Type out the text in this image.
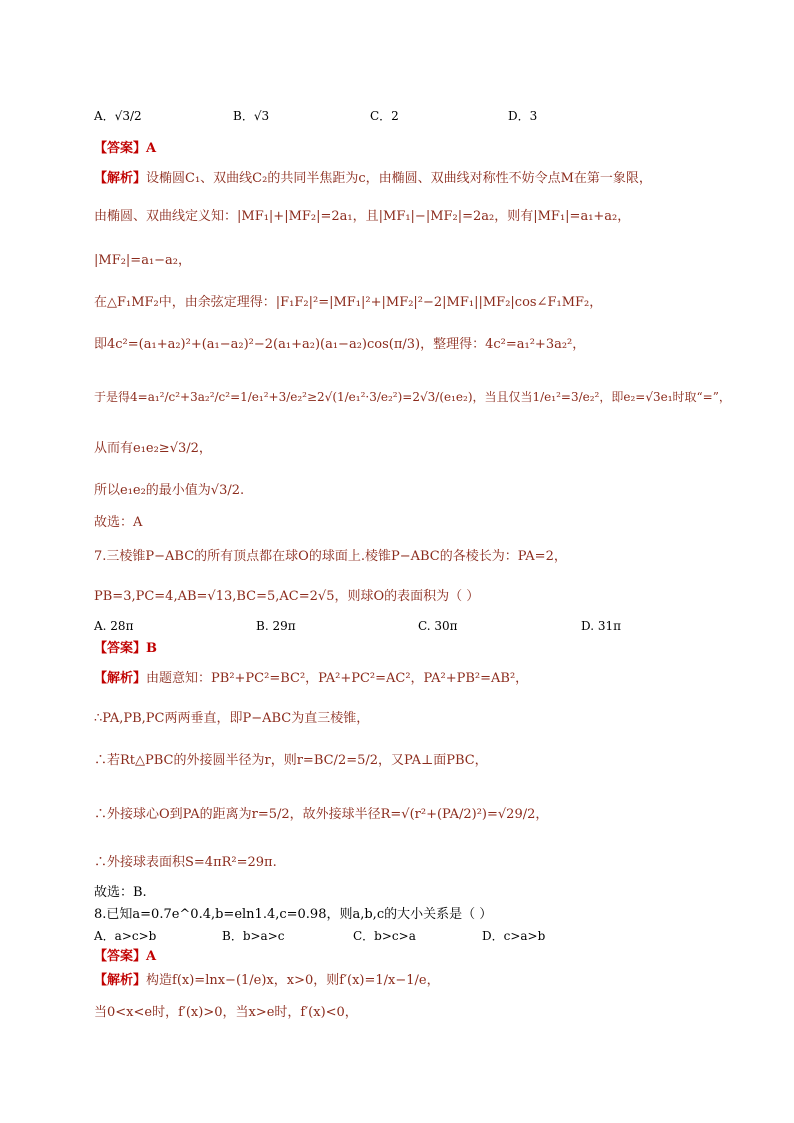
A．√3/2	B．√3	C．2	D．3
【答案】A
【解析】设椭圆C₁、双曲线C₂的共同半焦距为c，由椭圆、双曲线对称性不妨令点M在第一象限，
由椭圆、双曲线定义知：|MF₁|+|MF₂|=2a₁，且|MF₁|−|MF₂|=2a₂，则有|MF₁|=a₁+a₂，
|MF₂|=a₁−a₂，
在△F₁MF₂中，由余弦定理得：|F₁F₂|²=|MF₁|²+|MF₂|²−2|MF₁||MF₂|cos∠F₁MF₂，
即4c²=(a₁+a₂)²+(a₁−a₂)²−2(a₁+a₂)(a₁−a₂)cos(π/3)，整理得：4c²=a₁²+3a₂²，
于是得4=a₁²/c²+3a₂²/c²=1/e₁²+3/e₂²≥2√(1/e₁²·3/e₂²)=2√3/(e₁e₂)，当且仅当1/e₁²=3/e₂²，即e₂=√3e₁时取“=”，
从而有e₁e₂≥√3/2，
所以e₁e₂的最小值为√3/2.
故选：A
7.三棱锥P−ABC的所有顶点都在球O的球面上.棱锥P−ABC的各棱长为：PA=2，
PB=3,PC=4,AB=√13,BC=5,AC=2√5，则球O的表面积为（ ）
A. 28π	B. 29π	C. 30π	D. 31π
【答案】B
【解析】由题意知：PB²+PC²=BC²，PA²+PC²=AC²，PA²+PB²=AB²，
∴PA,PB,PC两两垂直，即P−ABC为直三棱锥，
∴若Rt△PBC的外接圆半径为r，则r=BC/2=5/2，又PA⊥面PBC，
∴外接球心O到PA的距离为r=5/2，故外接球半径R=√(r²+(PA/2)²)=√29/2，
∴外接球表面积S=4πR²=29π.
故选：B.
8.已知a=0.7e^0.4,b=eln1.4,c=0.98，则a,b,c的大小关系是（ ）
A．a>c>b	B．b>a>c	C．b>c>a	D．c>a>b
【答案】A
【解析】构造f(x)=lnx−(1/e)x，x>0，则f′(x)=1/x−1/e，
当0<x<e时，f′(x)>0，当x>e时，f′(x)<0，
